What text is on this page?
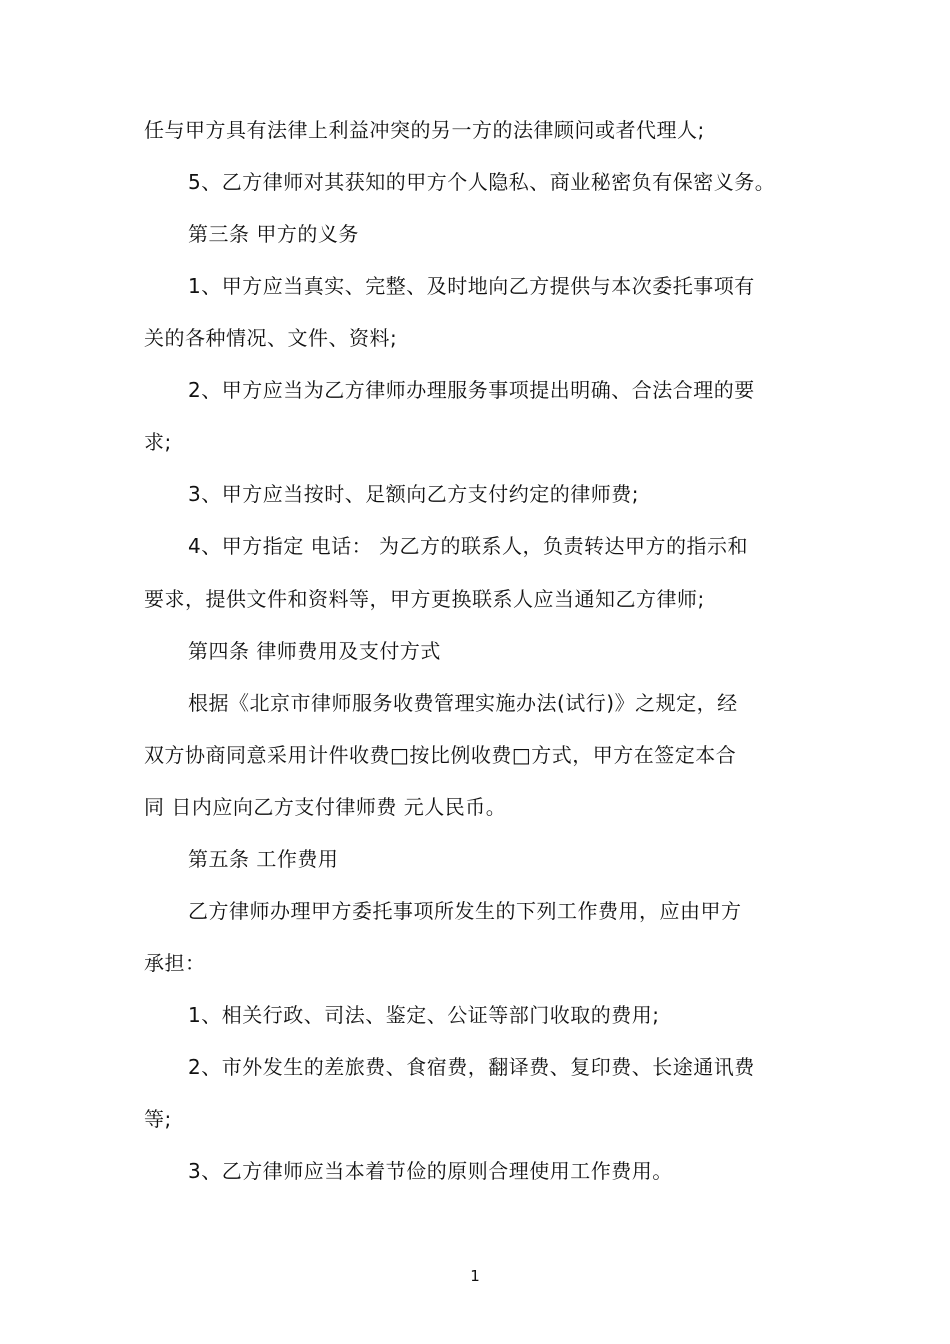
任与甲方具有法律上利益冲突的另一方的法律顾问或者代理人;
5、乙方律师对其获知的甲方个人隐私、商业秘密负有保密义务。
第三条 甲方的义务
1、甲方应当真实、完整、及时地向乙方提供与本次委托事项有
关的各种情况、文件、资料;
2、甲方应当为乙方律师办理服务事项提出明确、合法合理的要
求;
3、甲方应当按时、足额向乙方支付约定的律师费;
4、甲方指定 电话： 为乙方的联系人，负责转达甲方的指示和
要求，提供文件和资料等，甲方更换联系人应当通知乙方律师;
第四条 律师费用及支付方式
根据《北京市律师服务收费管理实施办法(试行)》之规定，经
双方协商同意采用计件收费□按比例收费□方式，甲方在签定本合
同 日内应向乙方支付律师费 元人民币。
第五条 工作费用
乙方律师办理甲方委托事项所发生的下列工作费用，应由甲方
承担：
1、相关行政、司法、鉴定、公证等部门收取的费用;
2、市外发生的差旅费、食宿费，翻译费、复印费、长途通讯费
等;
3、乙方律师应当本着节俭的原则合理使用工作费用。
1
